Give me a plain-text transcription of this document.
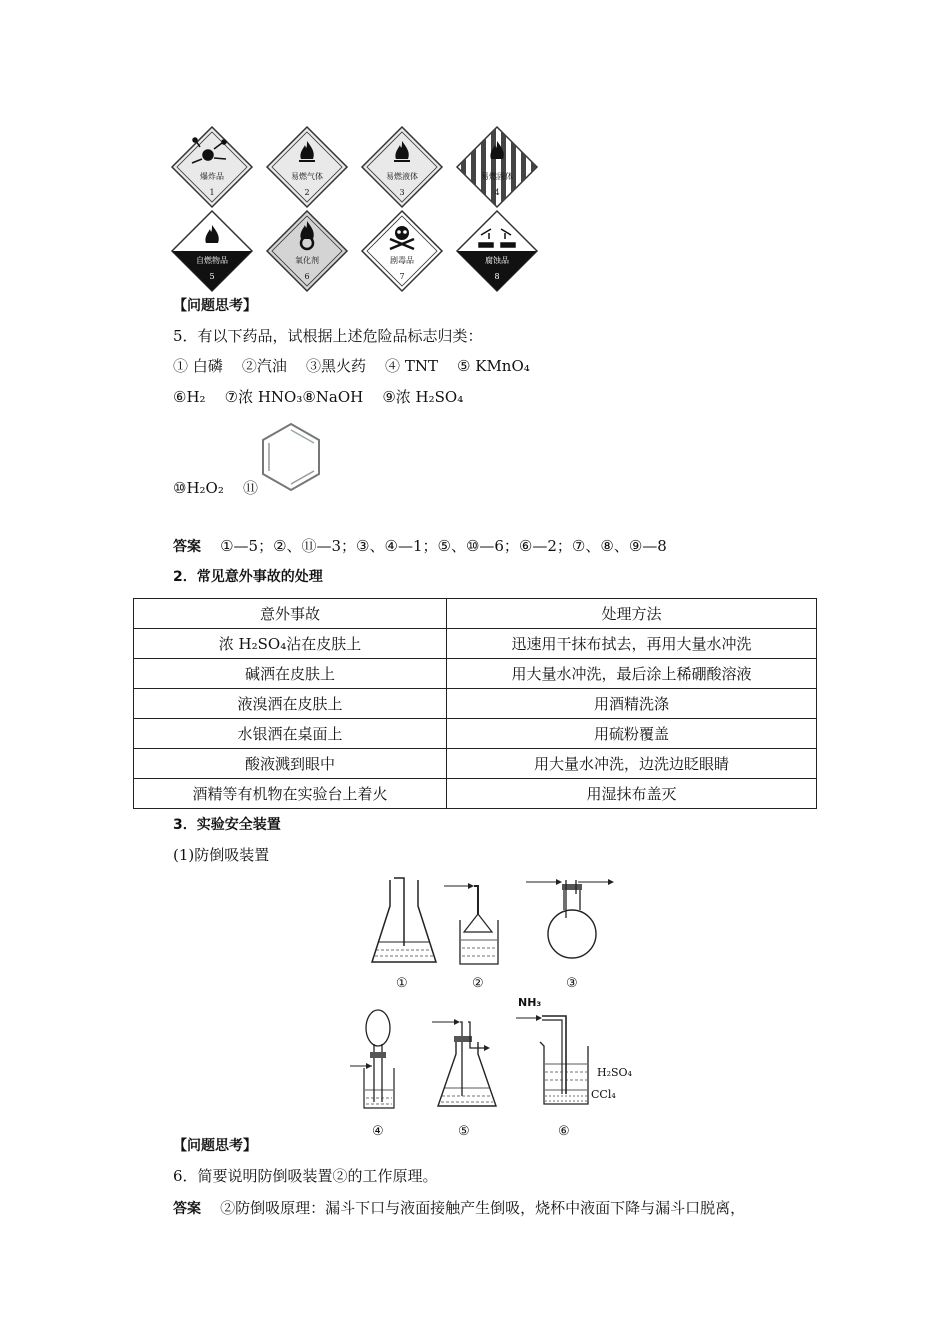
爆炸品
1
易燃气体
2
易燃液体
3
易燃固体
4
自燃物品
5
氧化剂
6
剧毒品
7
腐蚀品
8
【问题思考】
5．有以下药品，试根据上述危险品标志归类：
① 白磷 ②汽油 ③黑火药 ④ TNT ⑤ KMnO₄
⑥H₂ ⑦浓 HNO₃⑧NaOH ⑨浓 H₂SO₄
⑩H₂O₂ ⑪
答案 ①—5；②、⑪—3；③、④—1；⑤、⑩—6；⑥—2；⑦、⑧、⑨—8
2．常见意外事故的处理
意外事故	处理方法
浓 H₂SO₄沾在皮肤上	迅速用干抹布拭去，再用大量水冲洗
碱洒在皮肤上	用大量水冲洗，最后涂上稀硼酸溶液
液溴洒在皮肤上	用酒精洗涤
水银洒在桌面上	用硫粉覆盖
酸液溅到眼中	用大量水冲洗，边洗边眨眼睛
酒精等有机物在实验台上着火	用湿抹布盖灭
3．实验安全装置
(1)防倒吸装置
①	②	③
④	⑤
NH₃
H₂SO₄
CCl₄
⑥
【问题思考】
6．简要说明防倒吸装置②的工作原理。
答案 ②防倒吸原理：漏斗下口与液面接触产生倒吸，烧杯中液面下降与漏斗口脱离，
